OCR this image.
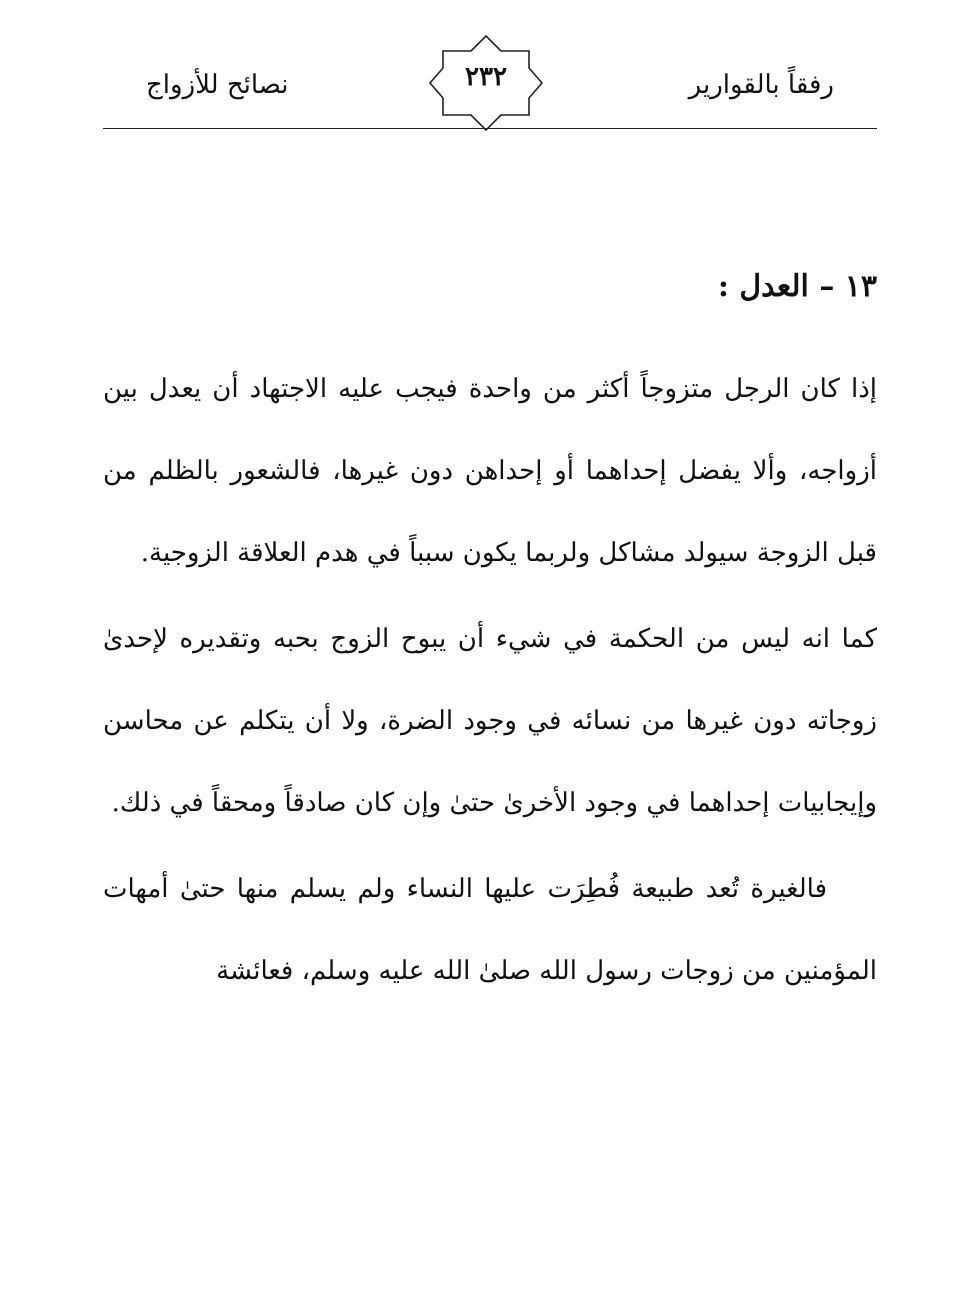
رفقاً بالقوارير
٢٣٢
نصائح للأزواج
١٣ – العدل :

إذا كان الرجل متزوجاً أكثر من واحدة فيجب عليه الاجتهاد أن يعدل بين أزواجه، وألا يفضل إحداهما أو إحداهن دون غيرها، فالشعور بالظلم من قبل الزوجة سيولد مشاكل ولربما يكون سبباً في هدم العلاقة الزوجية.

كما انه ليس من الحكمة في شيء أن يبوح الزوج بحبه وتقديره لإحدىٰ زوجاته دون غيرها من نسائه في وجود الضرة، ولا أن يتكلم عن محاسن وإيجابيات إحداهما في وجود الأخرىٰ حتىٰ وإن كان صادقاً ومحقاً في ذلك.

فالغيرة تُعد طبيعة فُطِرَت عليها النساء ولم يسلم منها حتىٰ أمهات المؤمنين من زوجات رسول الله صلىٰ الله عليه وسلم، فعائشة
